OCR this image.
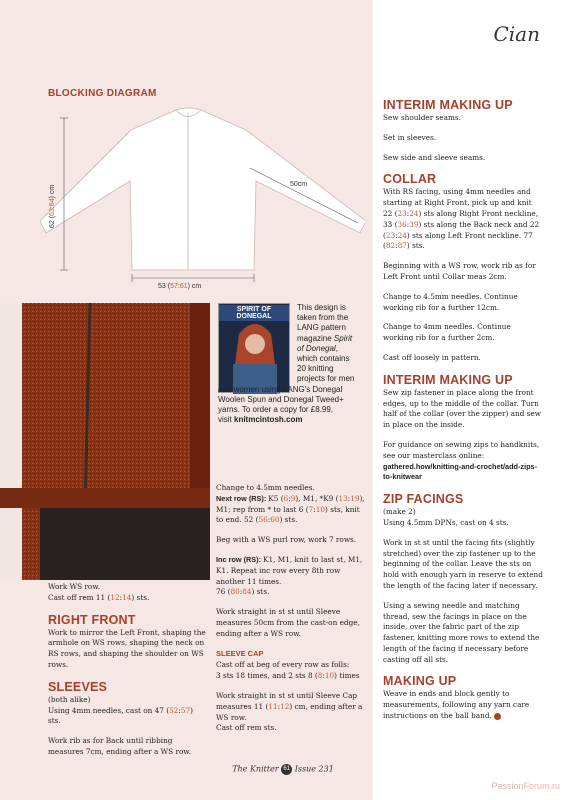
Cian
BLOCKING DIAGRAM
62 (63:64) cm
50cm
53 (57:61) cm
SPIRIT OF DONEGAL
This design is
taken from the
LANG pattern
magazine Spirit
of Donegal,
which contains
20 knitting
projects for men
and women using LANG's Donegal
Woolen Spun and Donegal Tweed+
yarns. To order a copy for £8.99,
visit knitmcintosh.com

Work WS row.
Cast off rem 11 (12:14) sts.

RIGHT FRONT

Work to mirror the Left Front, shaping the armhole on WS rows, shaping the neck on RS rows, and shaping the shoulder on WS rows.

SLEEVES

(both alike)
Using 4mm needles, cast on 47 (52:57) sts.

Work rib as for Back until ribbing measures 7cm, ending after a WS row.

Change to 4.5mm needles.
Next row (RS): K5 (6:9), M1, *K9 (13:19), M1; rep from * to last 6 (7:10) sts, knit to end. 52 (56:60) sts.

Beg with a WS purl row, work 7 rows.

Inc row (RS): K1, M1, knit to last st, M1, K1. Repeat inc row every 8th row another 11 times.
76 (80:84) sts.

Work straight in st st until Sleeve measures 50cm from the cast-on edge, ending after a WS row.

SLEEVE CAP

Cast off at beg of every row as folls:
3 sts 18 times, and 2 sts 8 (8:10) times

Work straight in st st until Sleeve Cap measures 11 (11:12) cm, ending after a WS row.
Cast off rem sts.

INTERIM MAKING UP

Sew shoulder seams.

Set in sleeves.

Sew side and sleeve seams.

COLLAR

With RS facing, using 4mm needles and starting at Right Front, pick up and knit 22 (23:24) sts along Right Front neckline, 33 (36:39) sts along the Back neck and 22 (23:24) sts along Left Front neckline. 77 (82:87) sts.

Beginning with a WS row, work rib as for Left Front until Collar meas 2cm.

Change to 4.5mm needles. Continue working rib for a further 12cm.

Change to 4mm needles. Continue working rib for a further 2cm.

Cast off loosely in pattern.

INTERIM MAKING UP

Sew zip fastener in place along the front edges, up to the middle of the collar. Turn half of the collar (over the zipper) and sew in place on the inside.

For guidance on sewing zips to handknits, see our masterclass online:
gathered.how/knitting-and-crochet/add-zips-to-knitwear

ZIP FACINGS

(make 2)
Using 4.5mm DPNs, cast on 4 sts.

Work in st st until the facing fits (slightly stretched) over the zip fastener up to the beginning of the collar. Leave the sts on hold with enough yarn in reserve to extend the length of the facing later if necessary.

Using a sewing needle and matching thread, sew the facings in place on the inside, over the fabric part of the zip fastener, knitting more rows to extend the length of the facing if necessary before casting off all sts.

MAKING UP

Weave in ends and block gently to measurements, following any yarn care instructions on the ball band.

The Knitter 61 Issue 231
PassionForum.ru
